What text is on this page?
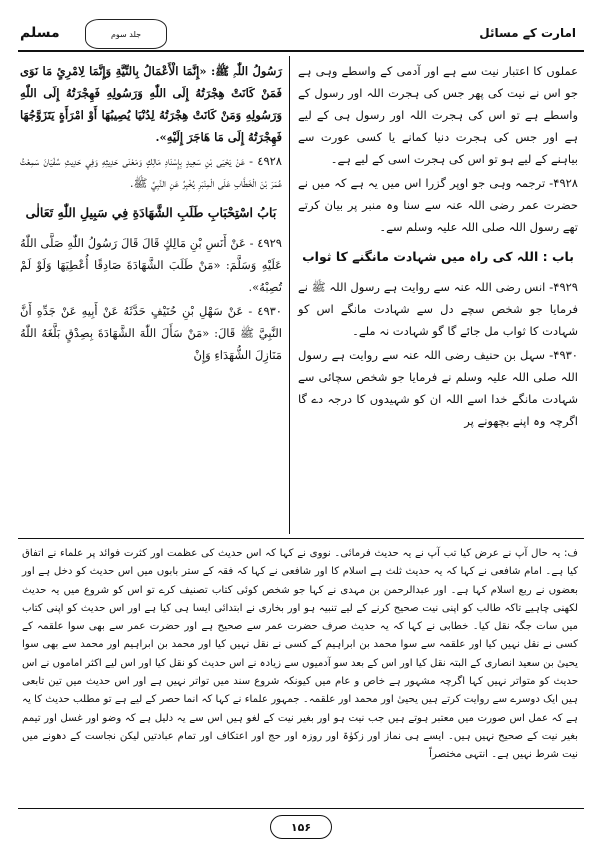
مسلم	جلد سوم	امارت کے مسائل

عملوں کا اعتبار نیت سے ہے اور آدمی کے واسطے وہی ہے جو اس نے نیت کی پھر جس کی ہجرت اللہ اور رسول کے واسطے ہے تو اس کی ہجرت اللہ اور رسول ہی کے لیے ہے اور جس کی ہجرت دنیا کمانے یا کسی عورت سے بیاہنے کے لیے ہو تو اس کی ہجرت اسی کے لیے ہے۔

۴۹۲۸- ترجمہ وہی جو اوپر گزرا اس میں یہ ہے کہ میں نے حضرت عمر رضی اللہ عنہ سے سنا وہ منبر پر بیان کرتے تھے رسول اللہ صلی اللہ علیہ وسلم سے۔

باب : اللہ کی راہ میں شہادت مانگنے کا ثواب

۴۹۲۹- انس رضی اللہ عنہ سے روایت ہے رسول اللہ ﷺ نے فرمایا جو شخص سچے دل سے شہادت مانگے اس کو شہادت کا ثواب مل جائے گا گو شہادت نہ ملے۔

۴۹۳۰- سہل بن حنیف رضی اللہ عنہ سے روایت ہے رسول اللہ صلی اللہ علیہ وسلم نے فرمایا جو شخص سچائی سے شہادت مانگے خدا اسے اللہ ان کو شہیدوں کا درجہ دے گا اگرچہ وہ اپنے بچھونے پر

رَسُولُ اللّٰہِ ﷺ: «إِنَّمَا الْأَعْمَالُ بِالنِّيَّةِ وَإِنَّمَا لِامْرِئٍ مَا نَوَى فَمَنْ كَانَتْ هِجْرَتُهُ إِلَى اللّٰهِ وَرَسُولِهِ فَهِجْرَتُهُ إِلَى اللّٰهِ وَرَسُولِهِ وَمَنْ كَانَتْ هِجْرَتُهُ لِدُنْيَا يُصِيبُهَا أَوْ امْرَأَةٍ يَتَزَوَّجُهَا فَهِجْرَتُهُ إِلَى مَا هَاجَرَ إِلَيْهِ».

٤٩٢٨ - عَنْ يَحْيَى بْنِ سَعِيدٍ بِإِسْنَادِ مَالِكٍ وَمَعْنَى حَدِيثِهِ وَفِي حَدِيثِ سُفْيَانَ سَمِعْتُ عُمَرَ بْنَ الْخَطَّابِ عَلَى الْمِنْبَرِ يُخْبِرُ عَنِ النَّبِيِّ ﷺ.

بَابُ اسْتِحْبَابِ طَلَبِ الشَّهَادَةِ فِي سَبِيلِ اللّٰهِ تَعَالٰى

٤٩٢٩ - عَنْ أَنَسِ بْنِ مَالِكٍ قَالَ قَالَ رَسُولُ اللّٰهِ صَلَّى اللّٰهُ عَلَيْهِ وَسَلَّمَ: «مَنْ طَلَبَ الشَّهَادَةَ صَادِقًا أُعْطِيَهَا وَلَوْ لَمْ تُصِبْهُ».

٤٩٣٠ - عَنْ سَهْلِ بْنِ حُنَيْفٍ حَدَّثَهُ عَنْ أَبِيهِ عَنْ جَدِّهِ أَنَّ النَّبِيَّ ﷺ قَالَ: «مَنْ سَأَلَ اللّٰهَ الشَّهَادَةَ بِصِدْقٍ بَلَّغَهُ اللّٰهُ مَنَازِلَ الشُّهَدَاءِ وَإِنْ

ف: یہ حال آپ نے عرض کیا تب آپ نے یہ حدیث فرمائی۔ نووی نے کہا کہ اس حدیث کی عظمت اور کثرت فوائد پر علماء نے اتفاق کیا ہے۔ امام شافعی نے کہا کہ یہ حدیث ثلث ہے اسلام کا اور شافعی نے کہا کہ فقہ کے ستر بابوں میں اس حدیث کو دخل ہے اور بعضوں نے ربع اسلام کہا ہے۔ اور عبدالرحمن بن مہدی نے کہا جو شخص کوئی کتاب تصنیف کرے تو اس کو شروع میں یہ حدیث لکھنی چاہیے تاکہ طالب کو اپنی نیت صحیح کرنے کے لیے تنبیہ ہو اور بخاری نے ابتدائی ایسا ہی کیا ہے اور اس حدیث کو اپنی کتاب میں سات جگہ نقل کیا۔ خطابی نے کہا کہ یہ حدیث صرف حضرت عمر سے صحیح ہے اور حضرت عمر سے بھی سوا علقمہ کے کسی نے نقل نہیں کیا اور علقمہ سے سوا محمد بن ابراہیم کے کسی نے نقل نہیں کیا اور محمد بن ابراہیم اور محمد سے بھی سوا یحییٰ بن سعید انصاری کے البتہ نقل کیا اور اس کے بعد سو آدمیوں سے زیادہ نے اس حدیث کو نقل کیا اور اس لیے اکثر اماموں نے اس حدیث کو متواتر نہیں کہا اگرچہ مشہور ہے خاص و عام میں کیونکہ شروع سند میں تواتر نہیں ہے اور اس حدیث میں تین تابعی ہیں ایک دوسرے سے روایت کرتے ہیں یحییٰ اور محمد اور علقمہ۔ جمہور علماء نے کہا کہ انما حصر کے لیے ہے تو مطلب حدیث کا یہ ہے کہ عمل اس صورت میں معتبر ہوتے ہیں جب نیت ہو اور بغیر نیت کے لغو ہیں اس سے یہ دلیل ہے کہ وضو اور غسل اور تیمم بغیر نیت کے صحیح نہیں ہیں۔ ایسے ہی نماز اور زکوٰۃ اور روزہ اور حج اور اعتکاف اور تمام عبادتیں لیکن نجاست کے دھونے میں نیت شرط نہیں ہے۔ انتہی مختصراً
۱۵۶
